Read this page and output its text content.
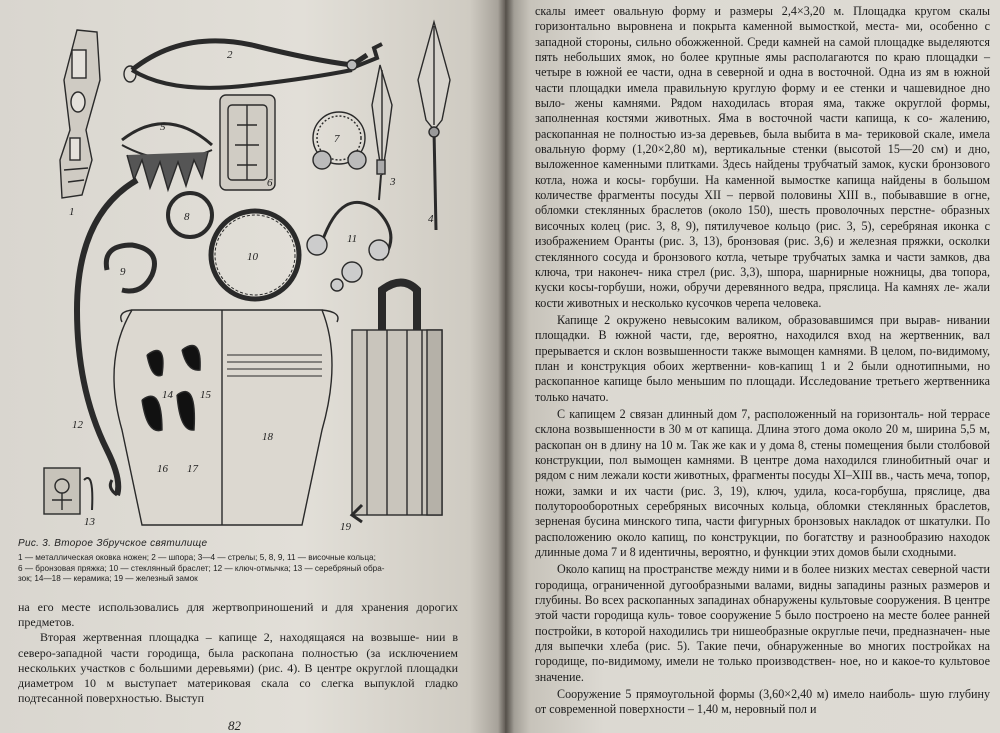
1
2
3
4
5
6
7
8
9
10
11
12
13
14 15
16 17
18
19
Рис. 3. Второе Збручское святилище
1 — металлическая оковка ножен; 2 — шпора; 3—4 — стрелы; 5, 8, 9, 11 — височные кольца;
6 — бронзовая пряжка; 10 — стеклянный браслет; 12 — ключ-отмычка; 13 — серебряный обра-
зок; 14—18 — керамика; 19 — железный замок

на его месте использовались для жертвоприношений и для хранения дорогих предметов.

Вторая жертвенная площадка – капище 2, находящаяся на возвыше- нии в северо-западной части городища, была раскопана полностью (за исключением нескольких участков с большими деревьями) (рис. 4). В центре округлой площадки диаметром 10 м выступает материковая скала со слегка выпуклой гладко подтесанной поверхностью. Выступ

82

скалы имеет овальную форму и размеры 2,4×3,20 м. Площадка кругом скалы горизонтально выровнена и покрыта каменной вымосткой, места- ми, особенно с западной стороны, сильно обожженной. Среди камней на самой площадке выделяются пять небольших ямок, но более крупные ямы располагаются по краю площадки – четыре в южной ее части, одна в северной и одна в восточной. Одна из ям в южной части площадки имела правильную круглую форму и ее стенки и чашевидное дно выло- жены камнями. Рядом находилась вторая яма, также округлой формы, заполненная костями животных. Яма в восточной части капища, к со- жалению, раскопанная не полностью из-за деревьев, была выбита в ма- териковой скале, имела овальную форму (1,20×2,80 м), вертикальные стенки (высотой 15—20 см) и дно, выложенное каменными плитками. Здесь найдены трубчатый замок, куски бронзового котла, ножа и косы- горбуши. На каменной вымостке капища найдены в большом количестве фрагменты посуды XII – первой половины XIII в., побывавшие в огне, обломки стеклянных браслетов (около 150), шесть проволочных перстне- образных височных колец (рис. 3, 8, 9), пятилучевое кольцо (рис. 3, 5), серебряная иконка с изображением Оранты (рис. 3, 13), бронзовая (рис. 3,6) и железная пряжки, осколки стеклянного сосуда и бронзового котла, четыре трубчатых замка и части замков, два ключа, три наконеч- ника стрел (рис. 3,3), шпора, шарнирные ножницы, два топора, куски косы-горбуши, ножи, обручи деревянного ведра, пряслица. На камнях ле- жали кости животных и несколько кусочков черепа человека.

Капище 2 окружено невысоким валиком, образовавшимся при вырав- нивании площадки. В южной части, где, вероятно, находился вход на жертвенник, вал прерывается и склон возвышенности также вымощен камнями. В целом, по-видимому, план и конструкция обоих жертвенни- ков-капищ 1 и 2 были однотипными, но раскопанное капище было меньшим по площади. Исследование третьего жертвенника только начато.

С капищем 2 связан длинный дом 7, расположенный на горизонталь- ной террасе склона возвышенности в 30 м от капища. Длина этого дома около 20 м, ширина 5,5 м, раскопан он в длину на 10 м. Так же как и у дома 8, стены помещения были столбовой конструкции, пол вымощен камнями. В центре дома находился глинобитный очаг и рядом с ним лежали кости животных, фрагменты посуды XI–XIII вв., часть меча, топор, ножи, замки и их части (рис. 3, 19), ключ, удила, коса-горбуша, пряслице, два полуторооборотных серебряных височных кольца, обломки стеклянных браслетов, зерненая бусина минского типа, части фигурных бронзовых накладок от шкатулки. По расположению около капищ, по конструкции, по богатству и разнообразию находок длинные дома 7 и 8 идентичны, вероятно, и функции этих домов были сходными.

Около капищ на пространстве между ними и в более низких местах северной части городища, ограниченной дугообразными валами, видны западины разных размеров и глубины. Во всех раскопанных западинах обнаружены культовые сооружения. В центре этой части городища куль- товое сооружение 5 было построено на месте более ранней постройки, в которой находились три нишеобразные округлые печи, предназначен- ные для выпечки хлеба (рис. 5). Такие печи, обнаруженные во многих постройках на городище, по-видимому, имели не только производствен- ное, но и какое-то культовое значение.

Сооружение 5 прямоугольной формы (3,60×2,40 м) имело наиболь- шую глубину от современной поверхности – 1,40 м, неровный пол и
